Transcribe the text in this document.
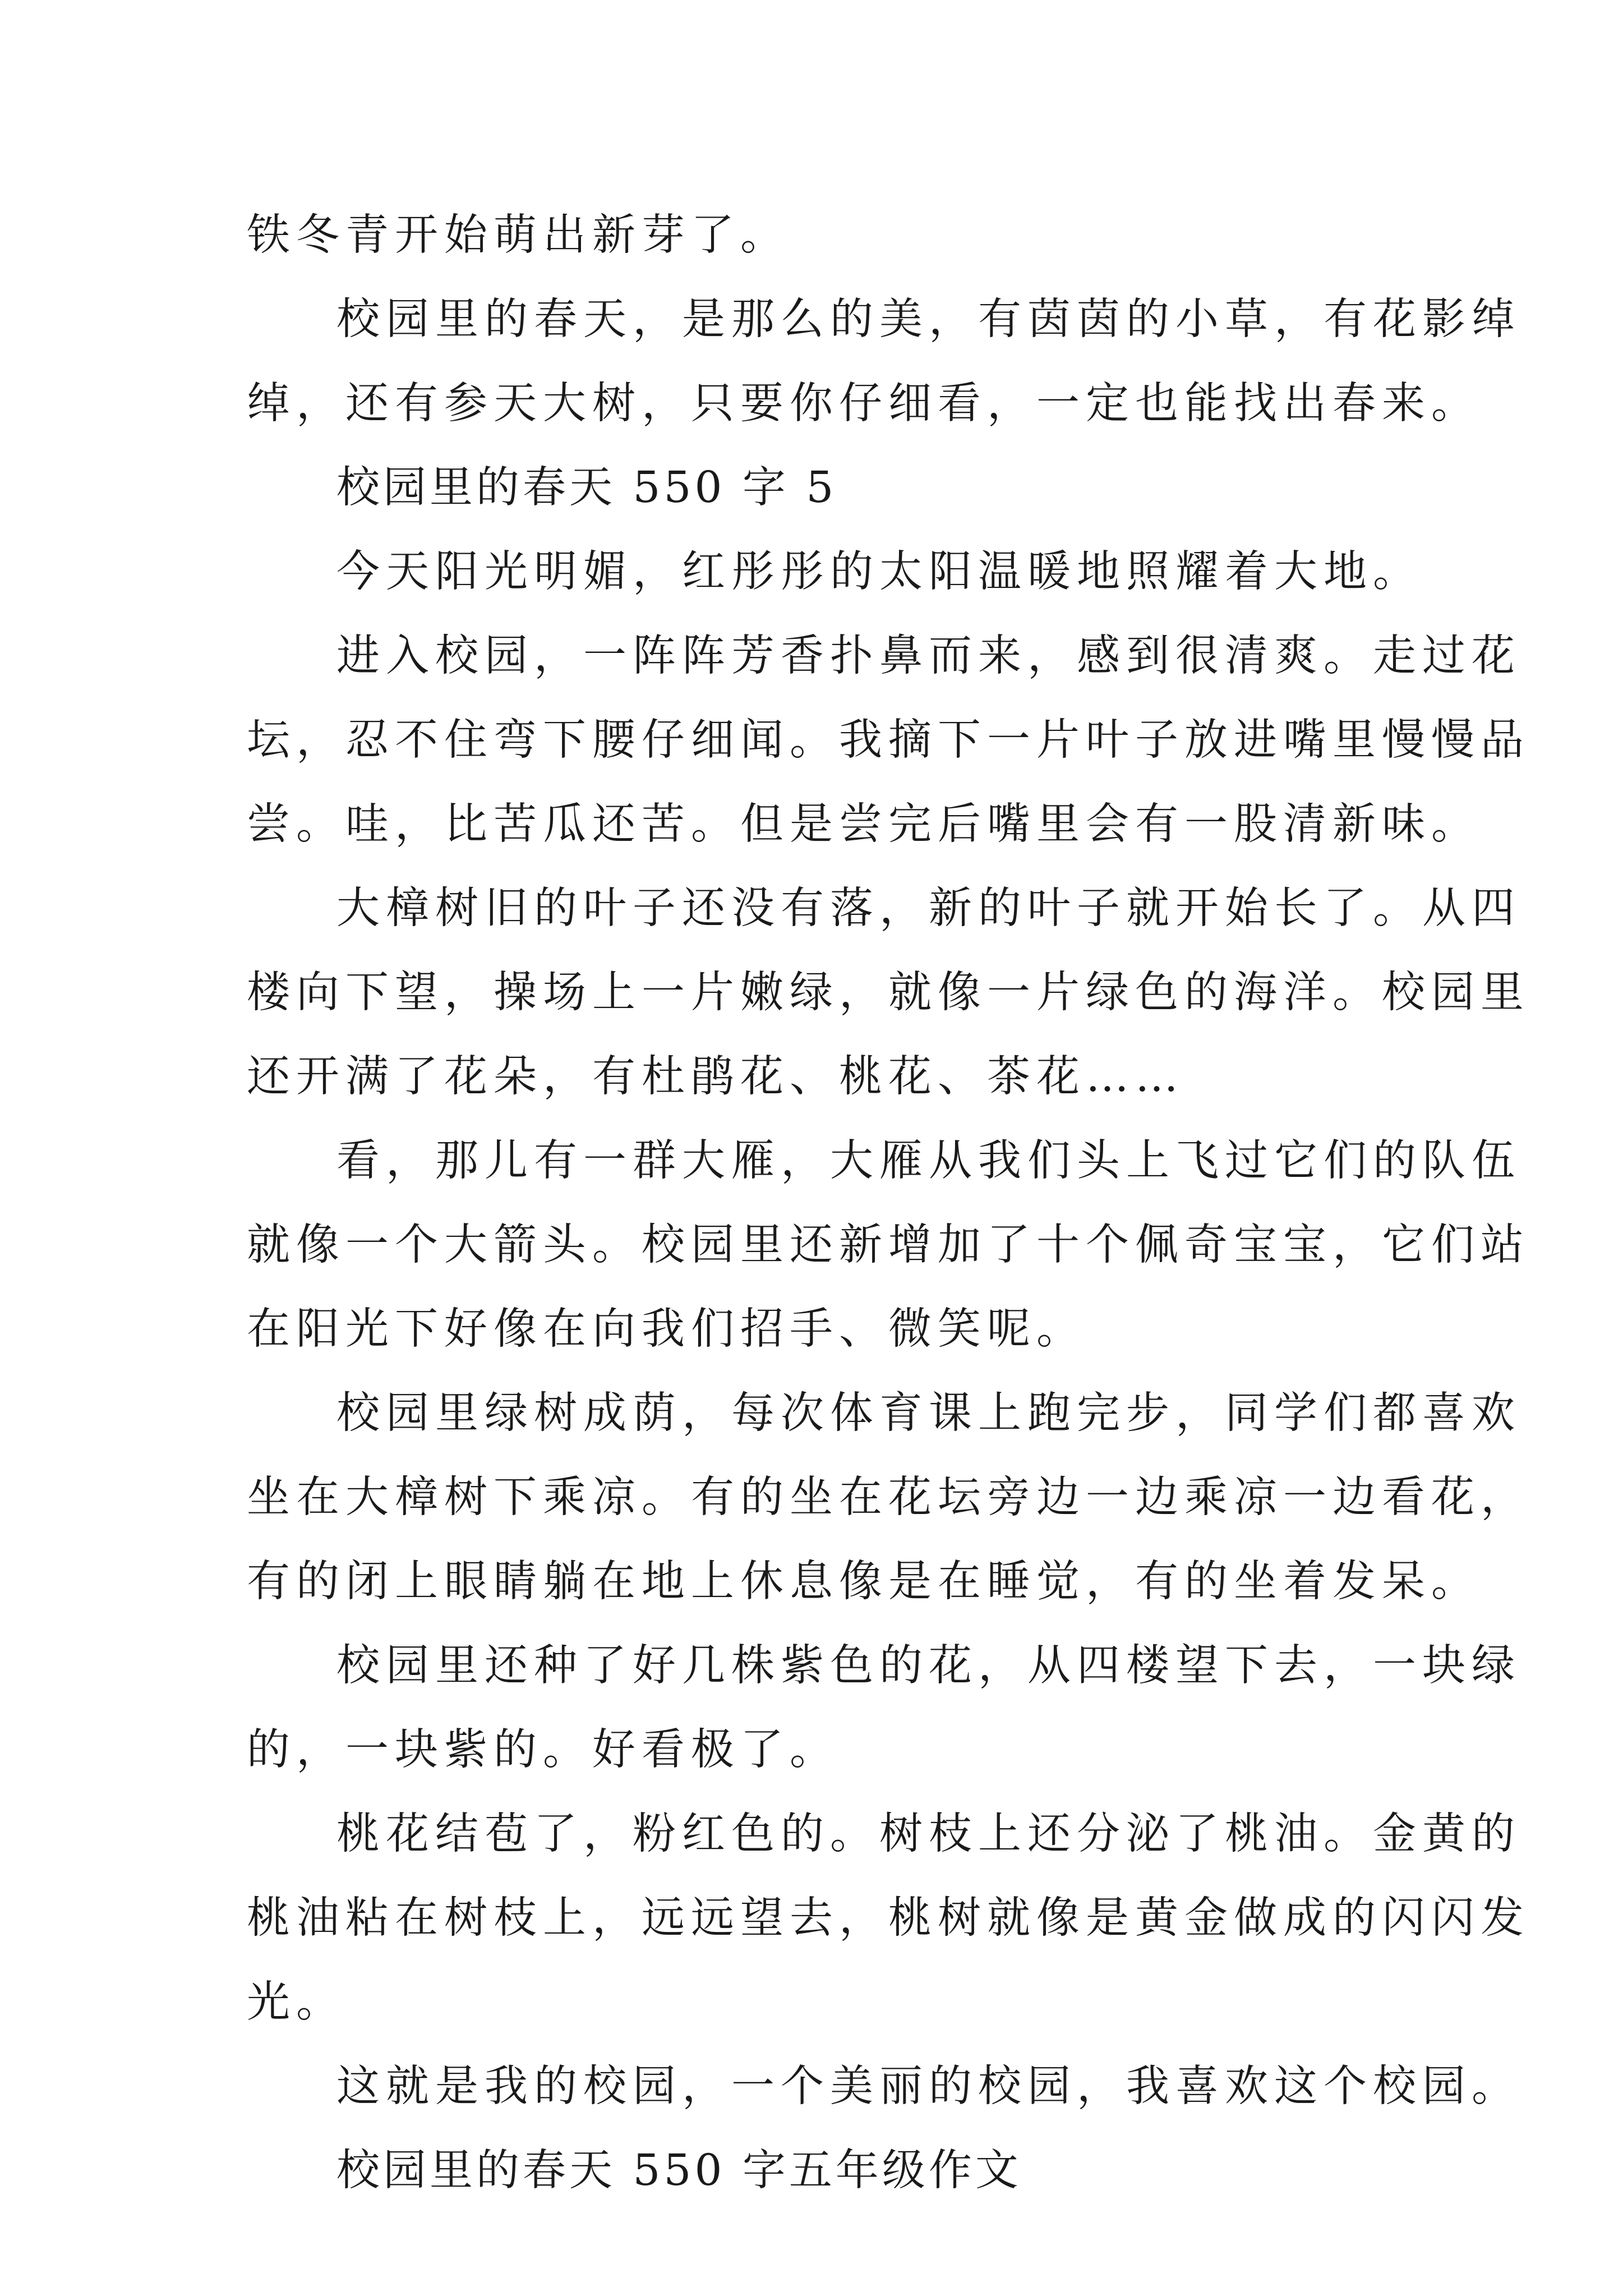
铁冬青开始萌出新芽了。
校园里的春天，是那么的美，有茵茵的小草，有花影绰
绰，还有参天大树，只要你仔细看，一定也能找出春来。
校园里的春天 550 字 5
今天阳光明媚，红彤彤的太阳温暖地照耀着大地。
进入校园，一阵阵芳香扑鼻而来，感到很清爽。走过花
坛，忍不住弯下腰仔细闻。我摘下一片叶子放进嘴里慢慢品
尝。哇，比苦瓜还苦。但是尝完后嘴里会有一股清新味。
大樟树旧的叶子还没有落，新的叶子就开始长了。从四
楼向下望，操场上一片嫩绿，就像一片绿色的海洋。校园里
还开满了花朵，有杜鹃花、桃花、茶花……
看，那儿有一群大雁，大雁从我们头上飞过它们的队伍
就像一个大箭头。校园里还新增加了十个佩奇宝宝，它们站
在阳光下好像在向我们招手、微笑呢。
校园里绿树成荫，每次体育课上跑完步，同学们都喜欢
坐在大樟树下乘凉。有的坐在花坛旁边一边乘凉一边看花，
有的闭上眼睛躺在地上休息像是在睡觉，有的坐着发呆。
校园里还种了好几株紫色的花，从四楼望下去，一块绿
的，一块紫的。好看极了。
桃花结苞了，粉红色的。树枝上还分泌了桃油。金黄的
桃油粘在树枝上，远远望去，桃树就像是黄金做成的闪闪发
光。
这就是我的校园，一个美丽的校园，我喜欢这个校园。
校园里的春天 550 字五年级作文
